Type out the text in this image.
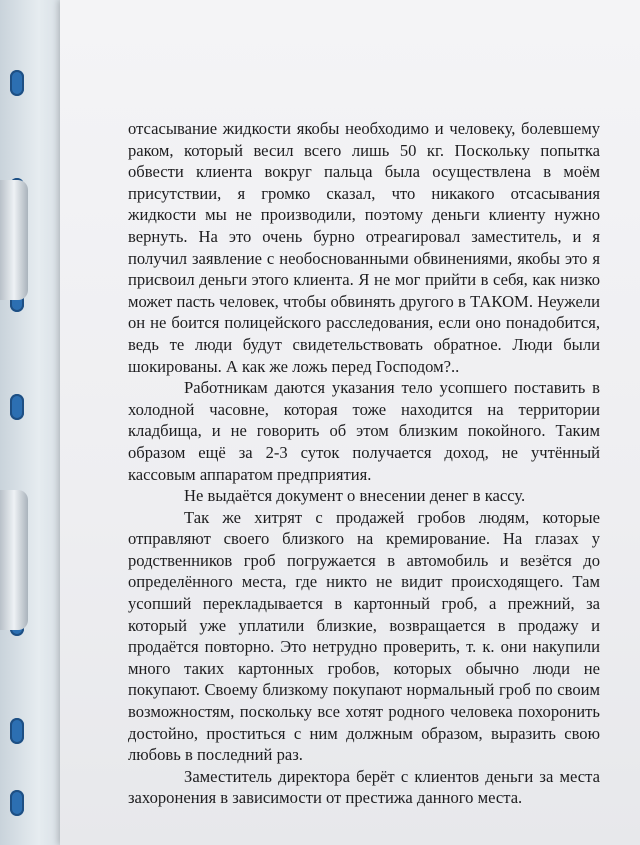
отсасывание жидкости якобы необходимо и человеку, болевшему раком, который весил всего лишь 50 кг. Поскольку попытка обвести клиента вокруг пальца была осуществлена в моём присутствии, я громко сказал, что никакого отсасывания жидкости мы не производили, поэтому деньги клиенту нужно вернуть. На это очень бурно отреагировал заместитель, и я получил заявление с необоснованными обвинениями, якобы это я присвоил деньги этого клиента. Я не мог прийти в себя, как низко может пасть человек, чтобы обвинять другого в ТАКОМ. Неужели он не боится полицейского расследования, если оно понадобится, ведь те люди будут свидетельствовать обратное. Люди были шокированы. А как же ложь перед Господом?..

Работникам даются указания тело усопшего поставить в холодной часовне, которая тоже находится на территории кладбища, и не говорить об этом близким покойного. Таким образом ещё за 2-3 суток получается доход, не учтённый кассовым аппаратом предприятия.

Не выдаётся документ о внесении денег в кассу.

Так же хитрят с продажей гробов людям, которые отправляют своего близкого на кремирование. На глазах у родственников гроб погружается в автомобиль и везётся до определённого места, где никто не видит происходящего. Там усопший перекладывается в картонный гроб, а прежний, за который уже уплатили близкие, возвращается в продажу и продаётся повторно. Это нетрудно проверить, т. к. они накупили много таких картонных гробов, которых обычно люди не покупают. Своему близкому покупают нормальный гроб по своим возможностям, поскольку все хотят родного человека похоронить достойно, проститься с ним должным образом, выразить свою любовь в последний раз.

Заместитель директора берёт с клиентов деньги за места захоронения в зависимости от престижа данного места.
